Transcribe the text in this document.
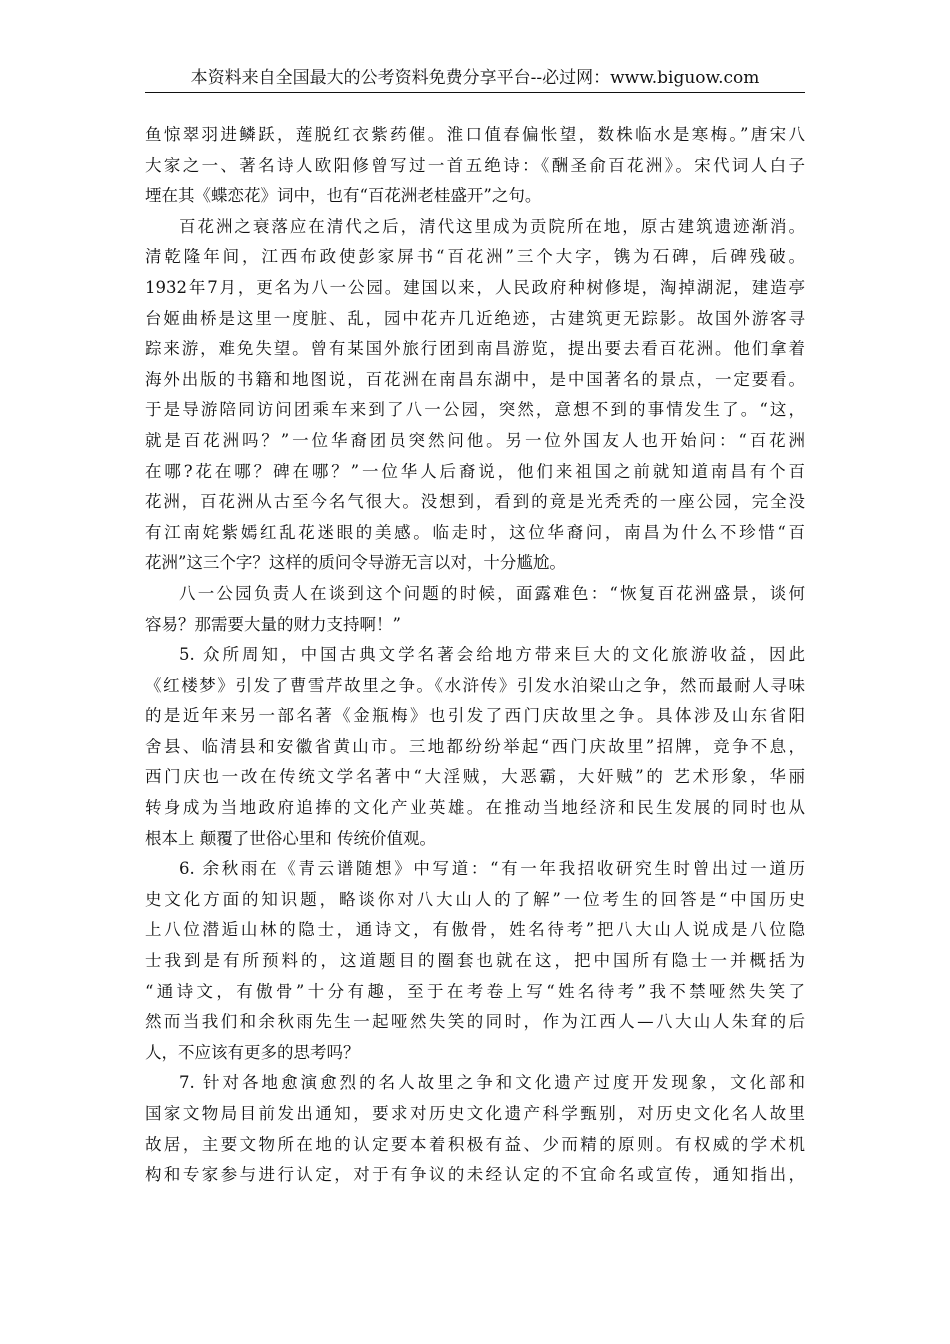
本资料来自全国最大的公考资料免费分享平台--必过网：www.biguow.com
鱼惊翠羽进鳞跃，莲脱红衣紫药催。淮口值春偏怅望，数株临水是寒梅。”唐宋八
大家之一、著名诗人欧阳修曾写过一首五绝诗：《酬圣俞百花洲》。宋代词人白子
堙在其《蝶恋花》词中，也有“百花洲老桂盛开”之句。
百花洲之衰落应在清代之后，清代这里成为贡院所在地，原古建筑遗迹渐消。
清乾隆年间，江西布政使彭家屏书“百花洲”三个大字，镌为石碑，后碑残破。
1932年7月，更名为八一公园。建国以来，人民政府种树修堤，淘掉湖泥，建造亭
台姬曲桥是这里一度脏、乱，园中花卉几近绝迹，古建筑更无踪影。故国外游客寻
踪来游，难免失望。曾有某国外旅行团到南昌游览，提出要去看百花洲。他们拿着
海外出版的书籍和地图说，百花洲在南昌东湖中，是中国著名的景点，一定要看。
于是导游陪同访问团乘车来到了八一公园，突然，意想不到的事情发生了。“这，
就是百花洲吗？”一位华裔团员突然问他。另一位外国友人也开始问：“百花洲
在哪?花在哪？碑在哪？”一位华人后裔说，他们来祖国之前就知道南昌有个百
花洲，百花洲从古至今名气很大。没想到，看到的竟是光秃秃的一座公园，完全没
有江南姹紫嫣红乱花迷眼的美感。临走时，这位华裔问，南昌为什么不珍惜“百
花洲”这三个字？这样的质问令导游无言以对，十分尴尬。
八一公园负责人在谈到这个问题的时候，面露难色：“恢复百花洲盛景，谈何
容易？那需要大量的财力支持啊！”
5. 众所周知，中国古典文学名著会给地方带来巨大的文化旅游收益，因此
《红楼梦》引发了曹雪芹故里之争。《水浒传》引发水泊梁山之争，然而最耐人寻味
的是近年来另一部名著《金瓶梅》也引发了西门庆故里之争。具体涉及山东省阳
舍县、临清县和安徽省黄山市。三地都纷纷举起“西门庆故里”招牌，竞争不息，
西门庆也一改在传统文学名著中“大淫贼，大恶霸，大奸贼”的 艺术形象，华丽
转身成为当地政府追捧的文化产业英雄。在推动当地经济和民生发展的同时也从
根本上 颠覆了世俗心里和 传统价值观。
6. 余秋雨在《青云谱随想》中写道：“有一年我招收研究生时曾出过一道历
史文化方面的知识题，略谈你对八大山人的了解”一位考生的回答是“中国历史
上八位潜逅山林的隐士，通诗文，有傲骨，姓名待考”把八大山人说成是八位隐
士我到是有所预料的，这道题目的圈套也就在这，把中国所有隐士一并概括为
“通诗文，有傲骨”十分有趣，至于在考卷上写“姓名待考”我不禁哑然失笑了
然而当我们和余秋雨先生一起哑然失笑的同时，作为江西人—八大山人朱耷的后
人，不应该有更多的思考吗？
7. 针对各地愈演愈烈的名人故里之争和文化遗产过度开发现象，文化部和
国家文物局目前发出通知，要求对历史文化遗产科学甄别，对历史文化名人故里
故居，主要文物所在地的认定要本着积极有益、少而精的原则。有权威的学术机
构和专家参与进行认定，对于有争议的未经认定的不宜命名或宣传，通知指出，
